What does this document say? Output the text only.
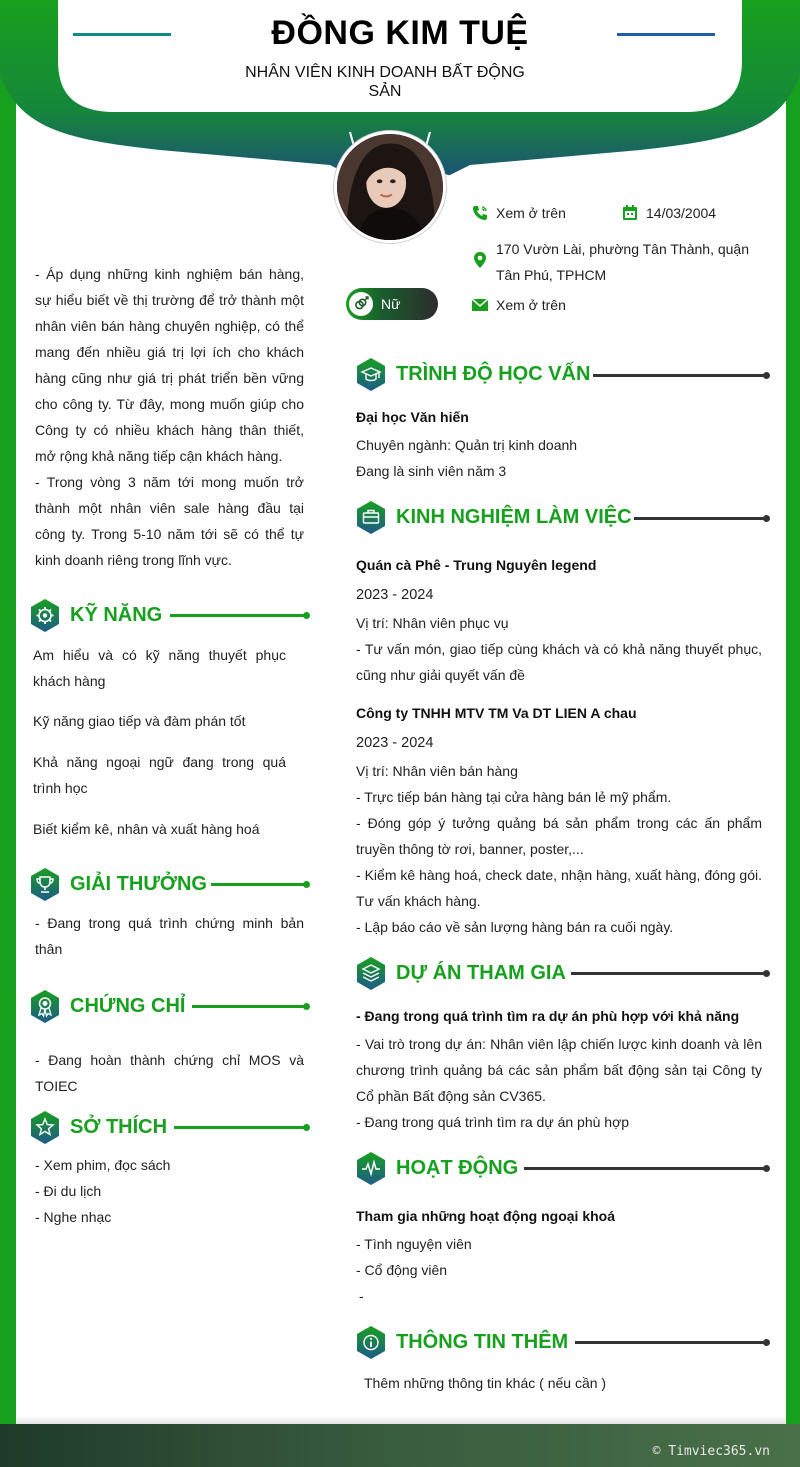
ĐỒNG KIM TUỆ
NHÂN VIÊN KINH DOANH BẤT ĐỘNG SẢN
Xem ở trên	14/03/2004
170 Vườn Lài, phường Tân Thành, quận Tân Phú, TPHCM
Xem ở trên
Nữ

- Áp dụng những kinh nghiệm bán hàng, sự hiểu biết về thị trường để trở thành một nhân viên bán hàng chuyên nghiệp, có thể mang đến nhiều giá trị lợi ích cho khách hàng cũng như giá trị phát triển bền vững cho công ty. Từ đây, mong muốn giúp cho Công ty có nhiều khách hàng thân thiết, mở rộng khả năng tiếp cận khách hàng.

- Trong vòng 3 năm tới mong muốn trở thành một nhân viên sale hàng đầu tại công ty. Trong 5-10 năm tới sẽ có thể tự kinh doanh riêng trong lĩnh vực.

KỸ NĂNG
Am hiểu và có kỹ năng thuyết phục khách hàng
Kỹ năng giao tiếp và đàm phán tốt
Khả năng ngoại ngữ đang trong quá trình học
Biết kiểm kê, nhân và xuất hàng hoá
GIẢI THƯỞNG
- Đang trong quá trình chứng minh bản thân
CHỨNG CHỈ
- Đang hoàn thành chứng chỉ MOS và TOIEC
SỞ THÍCH
- Xem phim, đọc sách
- Đi du lịch
- Nghe nhạc
TRÌNH ĐỘ HỌC VẤN
Đại học Văn hiến
Chuyên ngành: Quản trị kinh doanh
Đang là sinh viên năm 3
KINH NGHIỆM LÀM VIỆC
Quán cà Phê - Trung Nguyên legend
2023 - 2024
Vị trí: Nhân viên phục vụ
- Tư vấn món, giao tiếp cùng khách và có khả năng thuyết phục, cũng như giải quyết vấn đề
Công ty TNHH MTV TM Va DT LIEN A chau
2023 - 2024
Vị trí: Nhân viên bán hàng
- Trực tiếp bán hàng tại cửa hàng bán lẻ mỹ phẩm.
- Đóng góp ý tưởng quảng bá sản phẩm trong các ấn phẩm truyền thông tờ rơi, banner, poster,...
- Kiểm kê hàng hoá, check date, nhận hàng, xuất hàng, đóng gói. Tư vấn khách hàng.
- Lập báo cáo về sản lượng hàng bán ra cuối ngày.
DỰ ÁN THAM GIA
- Đang trong quá trình tìm ra dự án phù hợp với khả năng
- Vai trò trong dự án: Nhân viên lập chiến lược kinh doanh và lên chương trình quảng bá các sản phẩm bất động sản tại Công ty Cổ phần Bất động sản CV365.
- Đang trong quá trình tìm ra dự án phù hợp
HOẠT ĐỘNG
Tham gia những hoạt động ngoại khoá
- Tình nguyện viên
- Cổ động viên
-
THÔNG TIN THÊM
Thêm những thông tin khác ( nếu cần )
© Timviec365.vn
